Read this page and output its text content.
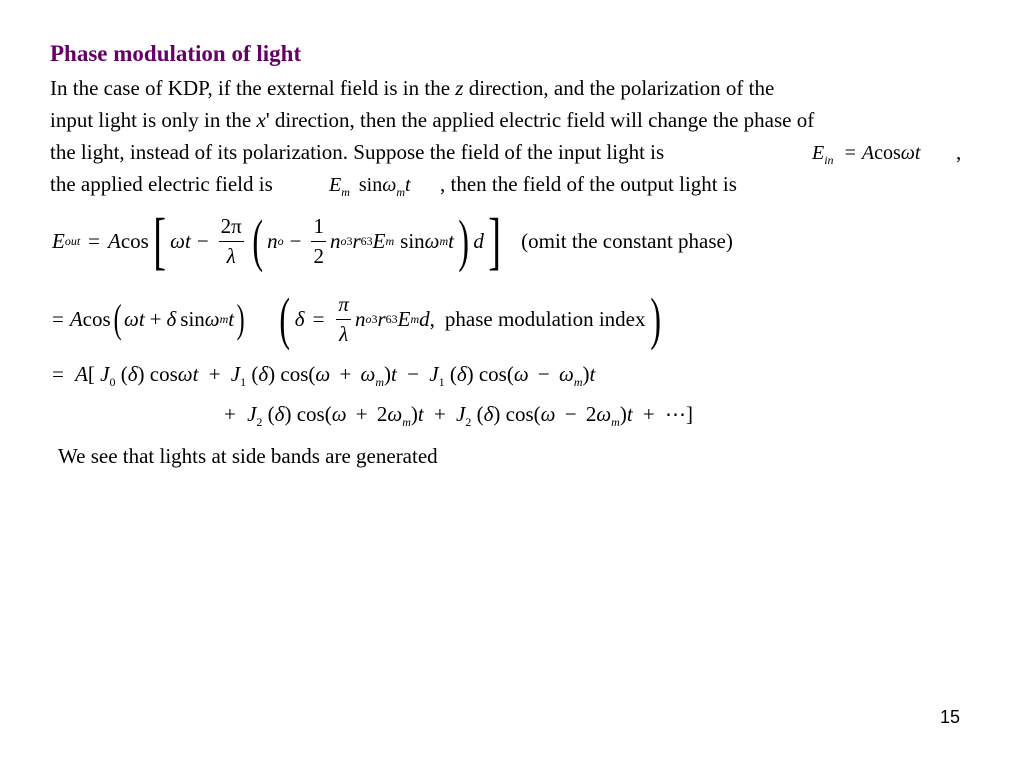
Phase modulation of light
In the case of KDP, if the external field is in the z direction, and the polarization of the
input light is only in the x' direction, then the applied electric field will change the phase of
the light, instead of its polarization. Suppose the field of the input light is	$E_{in} = Acos\omega t$ ,
the applied electric field is	$E_m$ sinω$_m$t , then the field of the output light is
E out = A cos [ ω $t - \frac{2\pi}{\lambda}$ ( n $o - \frac{1}{2}$ n o 3 r 63 E m sin ω m t ) d ] (omit the constant phase)
= A cos ( ω t + δ sin ω m t ) ( $\delta = \frac{\pi}{\lambda}$ n o 3 r 63 E m d , phase modulation index )
= A[ $J_0$ (δ) $\cos\omega t + J_1$ (δ) $\cos(\omega + \omega_m)t - J_1$ (δ) $\cos(\omega - \omega_m)t$
+ $J_2$ (δ) $\cos(\omega + 2\omega_m)t + J_2$ (δ) $\cos(\omega - 2\omega_m)t$ + ⋯]
We see that lights at side bands are generated
15
